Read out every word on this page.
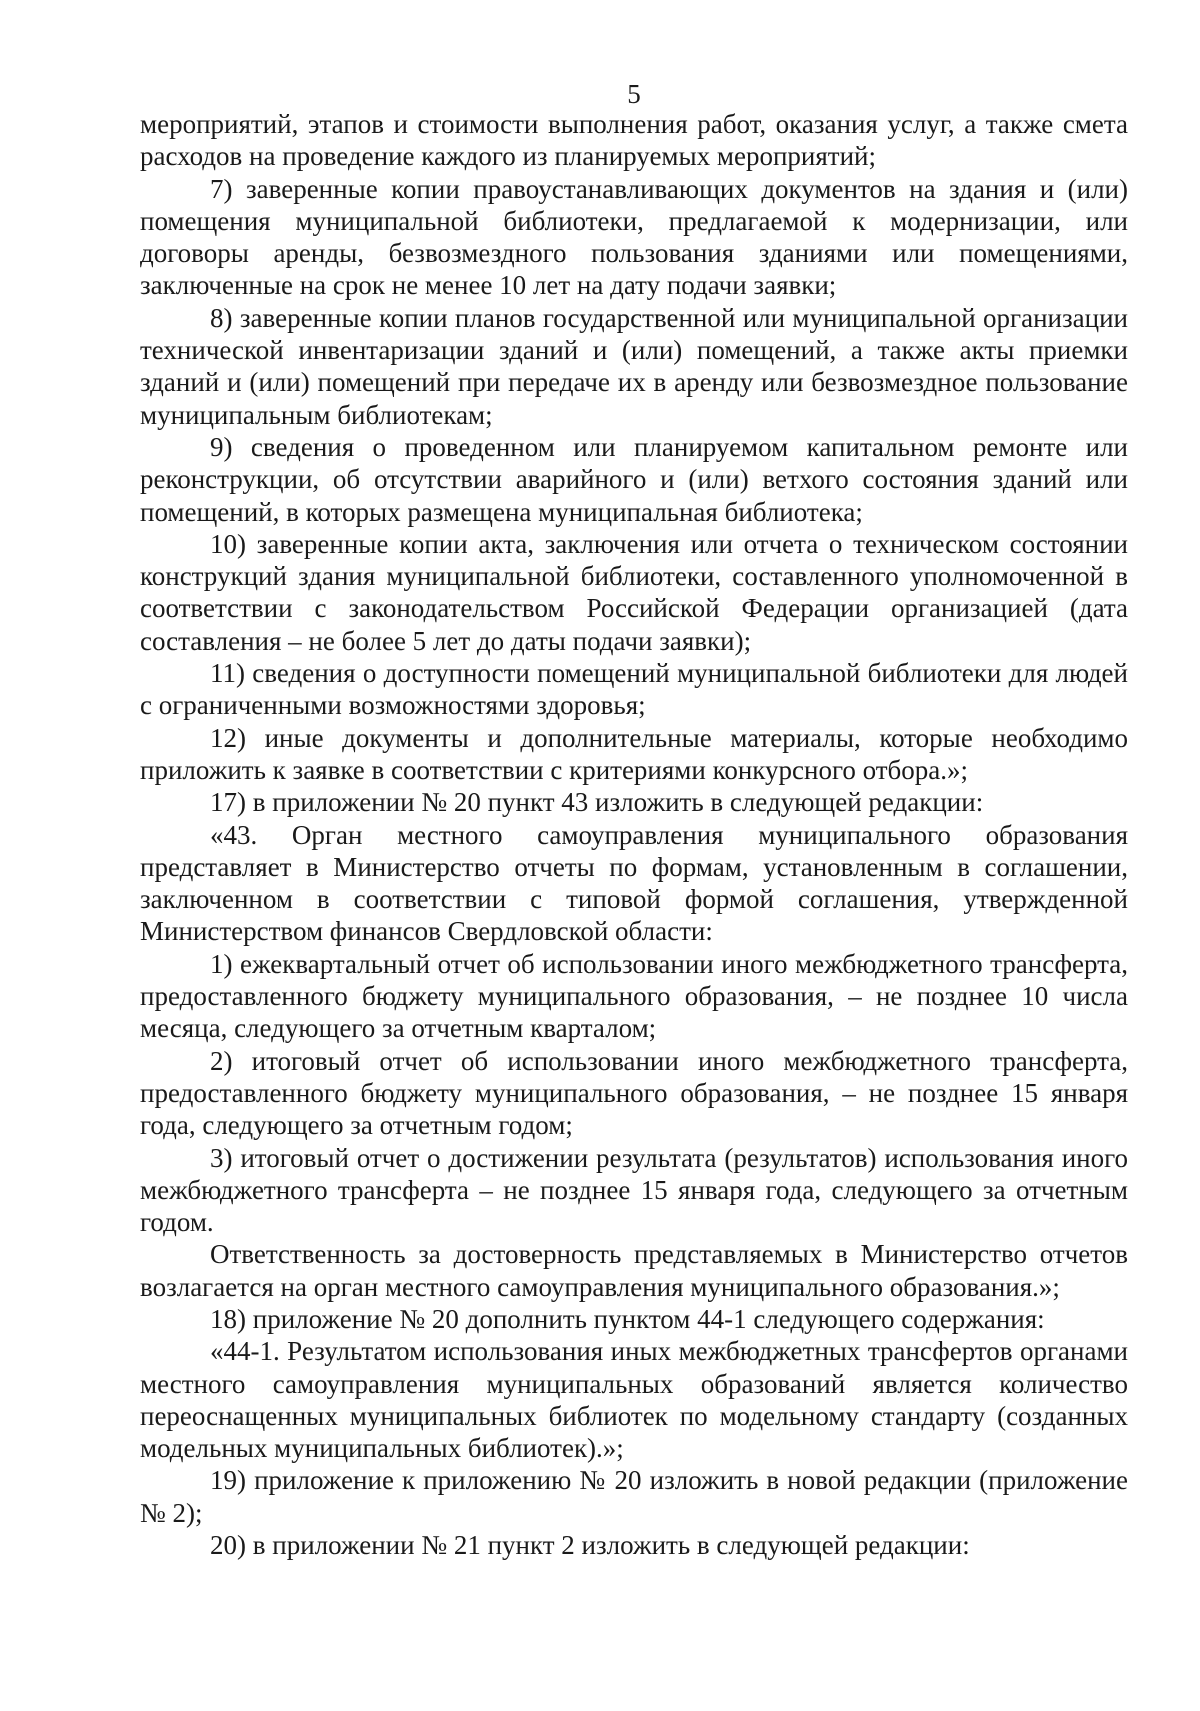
5

мероприятий, этапов и стоимости выполнения работ, оказания услуг, а также смета расходов на проведение каждого из планируемых мероприятий;

7) заверенные копии правоустанавливающих документов на здания и (или) помещения муниципальной библиотеки, предлагаемой к модернизации, или договоры аренды, безвозмездного пользования зданиями или помещениями, заключенные на срок не менее 10 лет на дату подачи заявки;

8) заверенные копии планов государственной или муниципальной организации технической инвентаризации зданий и (или) помещений, а также акты приемки зданий и (или) помещений при передаче их в аренду или безвозмездное пользование муниципальным библиотекам;

9) сведения о проведенном или планируемом капитальном ремонте или реконструкции, об отсутствии аварийного и (или) ветхого состояния зданий или помещений, в которых размещена муниципальная библиотека;

10) заверенные копии акта, заключения или отчета о техническом состоянии конструкций здания муниципальной библиотеки, составленного уполномоченной в соответствии с законодательством Российской Федерации организацией (дата составления – не более 5 лет до даты подачи заявки);

11) сведения о доступности помещений муниципальной библиотеки для людей с ограниченными возможностями здоровья;

12) иные документы и дополнительные материалы, которые необходимо приложить к заявке в соответствии с критериями конкурсного отбора.»;

17) в приложении № 20 пункт 43 изложить в следующей редакции:

«43. Орган местного самоуправления муниципального образования представляет в Министерство отчеты по формам, установленным в соглашении, заключенном в соответствии с типовой формой соглашения, утвержденной Министерством финансов Свердловской области:

1) ежеквартальный отчет об использовании иного межбюджетного трансферта, предоставленного бюджету муниципального образования, – не позднее 10 числа месяца, следующего за отчетным кварталом;

2) итоговый отчет об использовании иного межбюджетного трансферта, предоставленного бюджету муниципального образования, – не позднее 15 января года, следующего за отчетным годом;

3) итоговый отчет о достижении результата (результатов) использования иного межбюджетного трансферта – не позднее 15 января года, следующего за отчетным годом.

Ответственность за достоверность представляемых в Министерство отчетов возлагается на орган местного самоуправления муниципального образования.»;

18) приложение № 20 дополнить пунктом 44-1 следующего содержания:

«44-1. Результатом использования иных межбюджетных трансфертов органами местного самоуправления муниципальных образований является количество переоснащенных муниципальных библиотек по модельному стандарту (созданных модельных муниципальных библиотек).»;

19) приложение к приложению № 20 изложить в новой редакции (приложение № 2);

20) в приложении № 21 пункт 2 изложить в следующей редакции:
